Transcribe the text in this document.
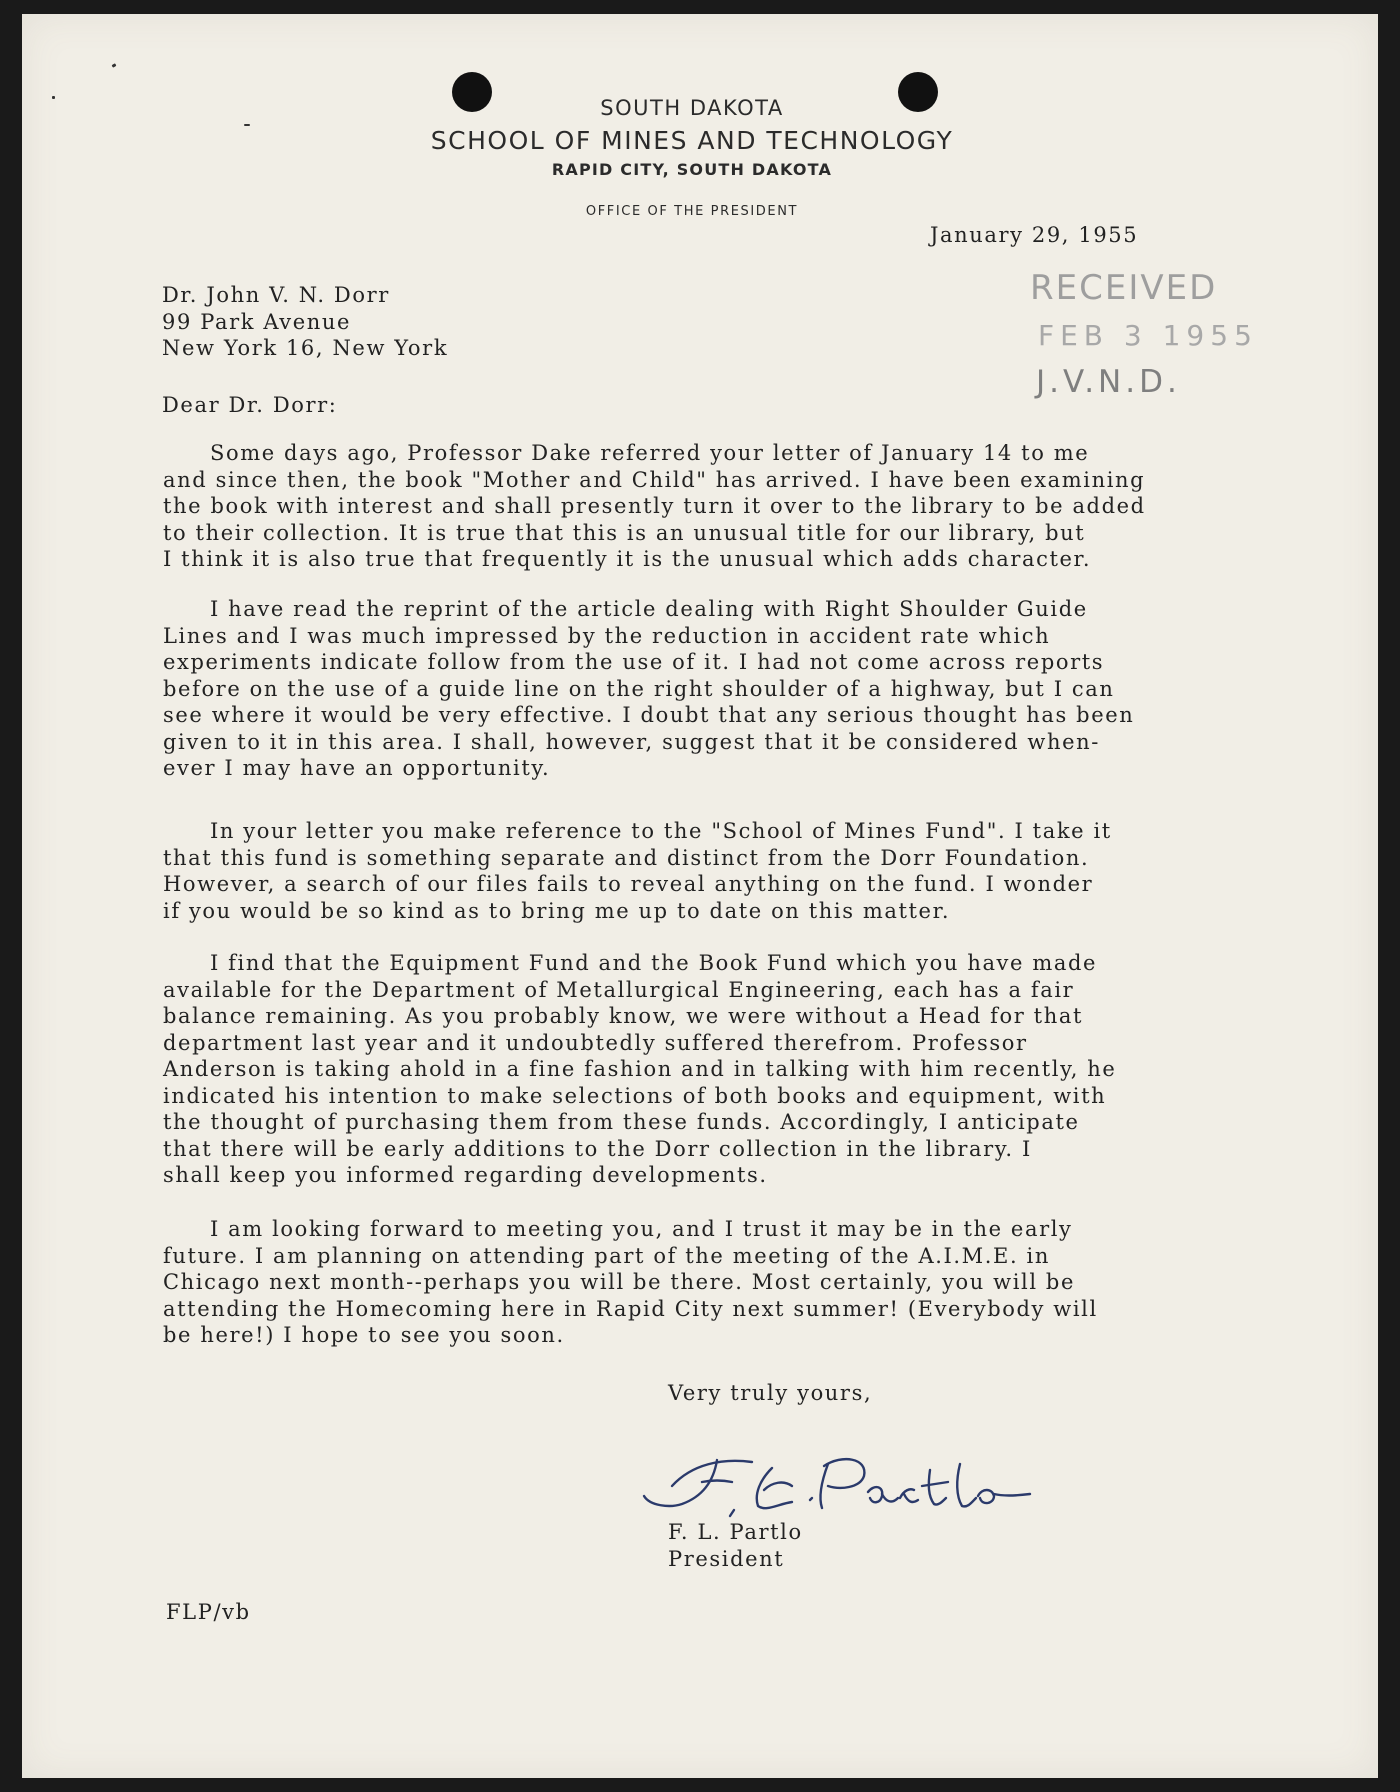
SOUTH DAKOTA
SCHOOL OF MINES AND TECHNOLOGY
RAPID CITY, SOUTH DAKOTA
OFFICE OF THE PRESIDENT
January 29, 1955
RECEIVED
FEB 3 1955
J.V.N.D.
Dr. John V. N. Dorr
99 Park Avenue
New York 16, New York
Dear Dr. Dorr:
Some days ago, Professor Dake referred your letter of January 14 to me
and since then, the book "Mother and Child" has arrived. I have been examining
the book with interest and shall presently turn it over to the library to be added
to their collection. It is true that this is an unusual title for our library, but
I think it is also true that frequently it is the unusual which adds character.
I have read the reprint of the article dealing with Right Shoulder Guide
Lines and I was much impressed by the reduction in accident rate which
experiments indicate follow from the use of it. I had not come across reports
before on the use of a guide line on the right shoulder of a highway, but I can
see where it would be very effective. I doubt that any serious thought has been
given to it in this area. I shall, however, suggest that it be considered when-
ever I may have an opportunity.
In your letter you make reference to the "School of Mines Fund". I take it
that this fund is something separate and distinct from the Dorr Foundation.
However, a search of our files fails to reveal anything on the fund. I wonder
if you would be so kind as to bring me up to date on this matter.
I find that the Equipment Fund and the Book Fund which you have made
available for the Department of Metallurgical Engineering, each has a fair
balance remaining. As you probably know, we were without a Head for that
department last year and it undoubtedly suffered therefrom. Professor
Anderson is taking ahold in a fine fashion and in talking with him recently, he
indicated his intention to make selections of both books and equipment, with
the thought of purchasing them from these funds. Accordingly, I anticipate
that there will be early additions to the Dorr collection in the library. I
shall keep you informed regarding developments.
I am looking forward to meeting you, and I trust it may be in the early
future. I am planning on attending part of the meeting of the A.I.M.E. in
Chicago next month--perhaps you will be there. Most certainly, you will be
attending the Homecoming here in Rapid City next summer! (Everybody will
be here!) I hope to see you soon.
Very truly yours,
F. L. Partlo
President
FLP/vb
